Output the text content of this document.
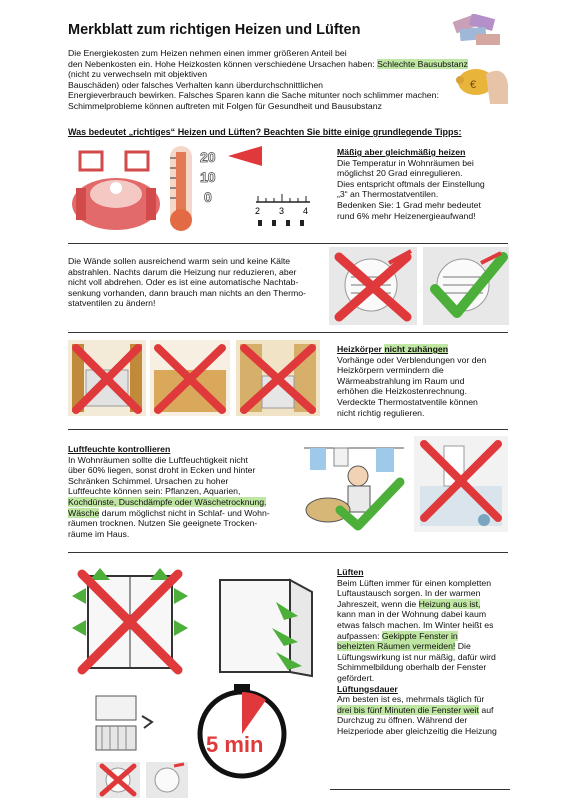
Merkblatt zum richtigen Heizen und Lüften
€

Die Energiekosten zum Heizen nehmen einen immer größeren Anteil bei

den Nebenkosten ein. Hohe Heizkosten können verschiedene Ursachen haben: Schlechte Bausubstanz

(nicht zu verwechseln mit objektiven

Bauschäden) oder falsches Verhalten kann überdurchschnittlichen

Energieverbrauch bewirken. Falsches Sparen kann die Sache mitunter noch schlimmer machen:

Schimmelprobleme können auftreten mit Folgen für Gesundheit und Bausubstanz

Was bedeutet „richtiges“ Heizen und Lüften? Beachten Sie bitte einige grundlegende Tipps:
20
10
0
2 3 4

Mäßig aber gleichmäßig heizen

Die Temperatur in Wohnräumen bei

möglichst 20 Grad einregulieren.

Dies entspricht oftmals der Einstellung

„3“ an Thermostatventilen.

Bedenken Sie: 1 Grad mehr bedeutet

rund 6% mehr Heizenergieaufwand!

Die Wände sollen ausreichend warm sein und keine Kälte

abstrahlen. Nachts darum die Heizung nur reduzieren, aber

nicht voll abdrehen. Oder es ist eine automatische Nachtab-

senkung vorhanden, dann brauch man nichts an den Thermo-

statventilen zu ändern!

Heizkörper nicht zuhängen

Vorhänge oder Verblendungen vor den

Heizkörpern vermindern die

Wärmeabstrahlung im Raum und

erhöhen die Heizkostenrechnung.

Verdeckte Thermostatventile können

nicht richtig regulieren.

Luftfeuchte kontrollieren

In Wohnräumen sollte die Luftfeuchtigkeit nicht

über 60% liegen, sonst droht in Ecken und hinter

Schränken Schimmel. Ursachen zu hoher

Luftfeuchte können sein: Pflanzen, Aquarien,

Kochdünste, Duschdämpfe oder Wäschetrocknung.

Wäsche darum möglichst nicht in Schlaf- und Wohn-

räumen trocknen. Nutzen Sie geeignete Trocken-

räume im Haus.

5 min

Lüften

Beim Lüften immer für einen kompletten

Luftaustausch sorgen. In der warmen

Jahreszeit, wenn die Heizung aus ist,

kann man in der Wohnung dabei kaum

etwas falsch machen. Im Winter heißt es

aufpassen: Gekippte Fenster in

beheizten Räumen vermeiden! Die

Lüftungswirkung ist nur mäßig, dafür wird

Schimmelbildung oberhalb der Fenster

gefördert.

Lüftungsdauer

Am besten ist es, mehrmals täglich für

drei bis fünf Minuten die Fenster weit auf

Durchzug zu öffnen. Während der

Heizperiode aber gleichzeitig die Heizung
